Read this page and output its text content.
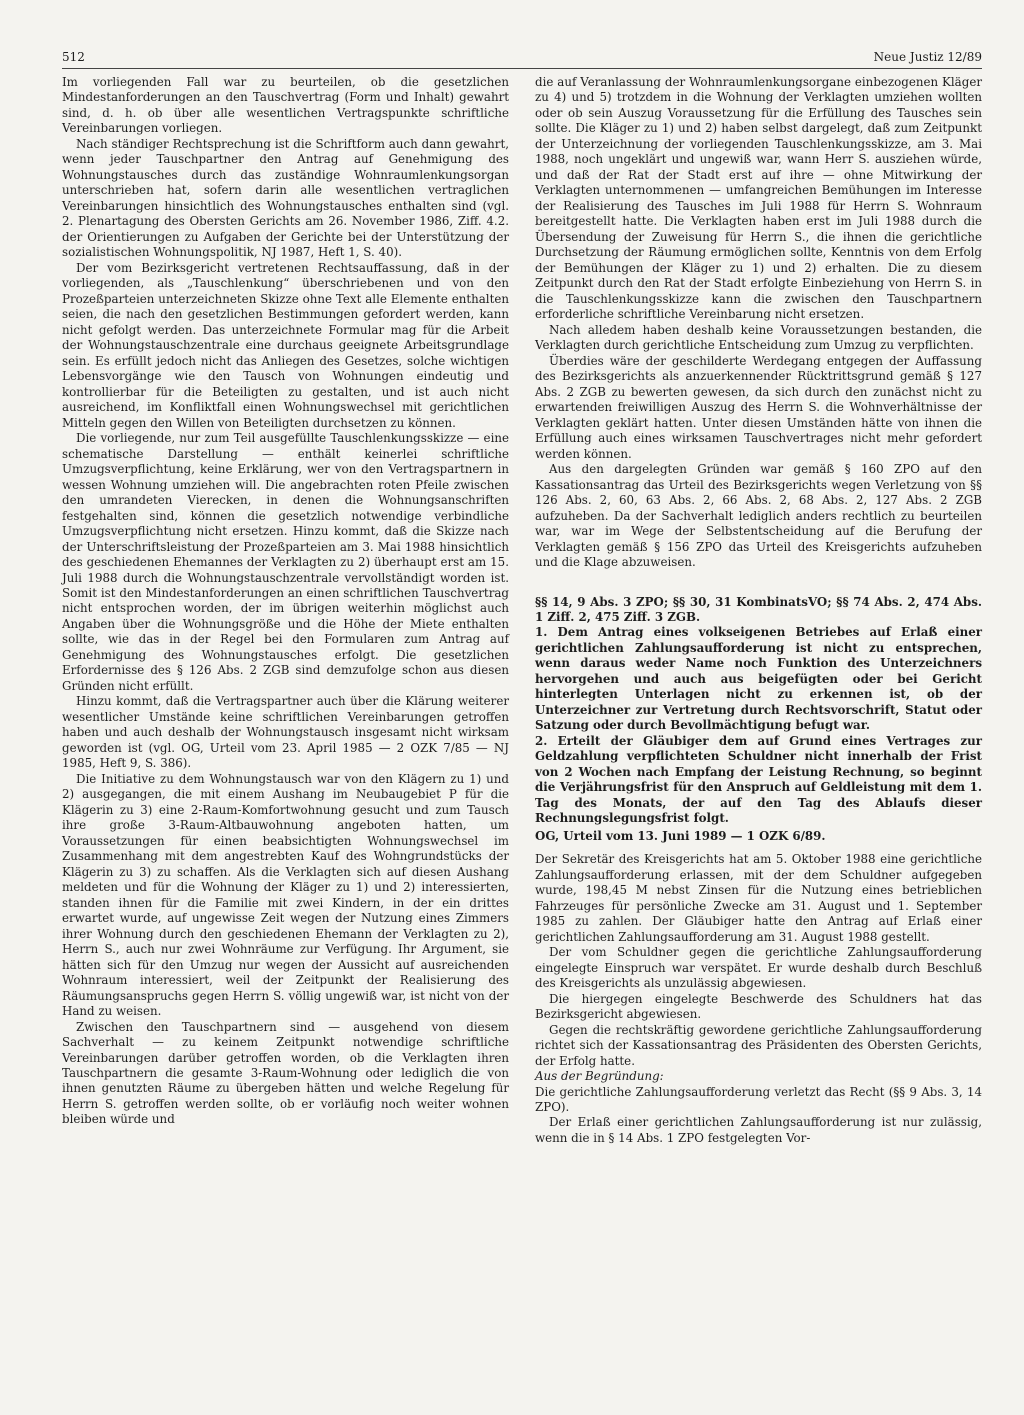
512	Neue Justiz 12/89

Im vorliegenden Fall war zu beurteilen, ob die gesetzlichen Mindestanforderungen an den Tauschvertrag (Form und Inhalt) gewahrt sind, d. h. ob über alle wesentlichen Vertragspunkte schriftliche Vereinbarungen vorliegen.

Nach ständiger Rechtsprechung ist die Schriftform auch dann gewahrt, wenn jeder Tauschpartner den Antrag auf Genehmigung des Wohnungstausches durch das zuständige Wohnraumlenkungsorgan unterschrieben hat, sofern darin alle wesentlichen vertraglichen Vereinbarungen hinsichtlich des Wohnungstausches enthalten sind (vgl. 2. Plenartagung des Obersten Gerichts am 26. November 1986, Ziff. 4.2. der Orientierungen zu Aufgaben der Gerichte bei der Unterstützung der sozialistischen Wohnungspolitik, NJ 1987, Heft 1, S. 40).

Der vom Bezirksgericht vertretenen Rechtsauffassung, daß in der vorliegenden, als „Tauschlenkung“ überschriebenen und von den Prozeßparteien unterzeichneten Skizze ohne Text alle Elemente enthalten seien, die nach den gesetzlichen Bestimmungen gefordert werden, kann nicht gefolgt werden. Das unterzeichnete Formular mag für die Arbeit der Wohnungstauschzentrale eine durchaus geeignete Arbeitsgrundlage sein. Es erfüllt jedoch nicht das Anliegen des Gesetzes, solche wichtigen Lebensvorgänge wie den Tausch von Wohnungen eindeutig und kontrollierbar für die Beteiligten zu gestalten, und ist auch nicht ausreichend, im Konfliktfall einen Wohnungswechsel mit gerichtlichen Mitteln gegen den Willen von Beteiligten durchsetzen zu können.

Die vorliegende, nur zum Teil ausgefüllte Tauschlenkungsskizze — eine schematische Darstellung — enthält keinerlei schriftliche Umzugsverpflichtung, keine Erklärung, wer von den Vertragspartnern in wessen Wohnung umziehen will. Die angebrachten roten Pfeile zwischen den umrandeten Vierecken, in denen die Wohnungsanschriften festgehalten sind, können die gesetzlich notwendige verbindliche Umzugsverpflichtung nicht ersetzen. Hinzu kommt, daß die Skizze nach der Unterschriftsleistung der Prozeßparteien am 3. Mai 1988 hinsichtlich des geschiedenen Ehemannes der Verklagten zu 2) überhaupt erst am 15. Juli 1988 durch die Wohnungstauschzentrale vervollständigt worden ist. Somit ist den Mindestanforderungen an einen schriftlichen Tauschvertrag nicht entsprochen worden, der im übrigen weiterhin möglichst auch Angaben über die Wohnungsgröße und die Höhe der Miete enthalten sollte, wie das in der Regel bei den Formularen zum Antrag auf Genehmigung des Wohnungstausches erfolgt. Die gesetzlichen Erfordernisse des § 126 Abs. 2 ZGB sind demzufolge schon aus diesen Gründen nicht erfüllt.

Hinzu kommt, daß die Vertragspartner auch über die Klärung weiterer wesentlicher Umstände keine schriftlichen Vereinbarungen getroffen haben und auch deshalb der Wohnungstausch insgesamt nicht wirksam geworden ist (vgl. OG, Urteil vom 23. April 1985 — 2 OZK 7/85 — NJ 1985, Heft 9, S. 386).

Die Initiative zu dem Wohnungstausch war von den Klägern zu 1) und 2) ausgegangen, die mit einem Aushang im Neubaugebiet P für die Klägerin zu 3) eine 2-Raum-Komfortwohnung gesucht und zum Tausch ihre große 3-Raum-Altbauwohnung angeboten hatten, um Voraussetzungen für einen beabsichtigten Wohnungswechsel im Zusammenhang mit dem angestrebten Kauf des Wohngrundstücks der Klägerin zu 3) zu schaffen. Als die Verklagten sich auf diesen Aushang meldeten und für die Wohnung der Kläger zu 1) und 2) interessierten, standen ihnen für die Familie mit zwei Kindern, in der ein drittes erwartet wurde, auf ungewisse Zeit wegen der Nutzung eines Zimmers ihrer Wohnung durch den geschiedenen Ehemann der Verklagten zu 2), Herrn S., auch nur zwei Wohnräume zur Verfügung. Ihr Argument, sie hätten sich für den Umzug nur wegen der Aussicht auf ausreichenden Wohnraum interessiert, weil der Zeitpunkt der Realisierung des Räumungsanspruchs gegen Herrn S. völlig ungewiß war, ist nicht von der Hand zu weisen.

Zwischen den Tauschpartnern sind — ausgehend von diesem Sachverhalt — zu keinem Zeitpunkt notwendige schriftliche Vereinbarungen darüber getroffen worden, ob die Verklagten ihren Tauschpartnern die gesamte 3-Raum-Wohnung oder lediglich die von ihnen genutzten Räume zu übergeben hätten und welche Regelung für Herrn S. getroffen werden sollte, ob er vorläufig noch weiter wohnen bleiben würde und

die auf Veranlassung der Wohnraumlenkungsorgane einbezogenen Kläger zu 4) und 5) trotzdem in die Wohnung der Verklagten umziehen wollten oder ob sein Auszug Voraussetzung für die Erfüllung des Tausches sein sollte. Die Kläger zu 1) und 2) haben selbst dargelegt, daß zum Zeitpunkt der Unterzeichnung der vorliegenden Tauschlenkungsskizze, am 3. Mai 1988, noch ungeklärt und ungewiß war, wann Herr S. ausziehen würde, und daß der Rat der Stadt erst auf ihre — ohne Mitwirkung der Verklagten unternommenen — umfangreichen Bemühungen im Interesse der Realisierung des Tausches im Juli 1988 für Herrn S. Wohnraum bereitgestellt hatte. Die Verklagten haben erst im Juli 1988 durch die Übersendung der Zuweisung für Herrn S., die ihnen die gerichtliche Durchsetzung der Räumung ermöglichen sollte, Kenntnis von dem Erfolg der Bemühungen der Kläger zu 1) und 2) erhalten. Die zu diesem Zeitpunkt durch den Rat der Stadt erfolgte Einbeziehung von Herrn S. in die Tauschlenkungsskizze kann die zwischen den Tauschpartnern erforderliche schriftliche Vereinbarung nicht ersetzen.

Nach alledem haben deshalb keine Voraussetzungen bestanden, die Verklagten durch gerichtliche Entscheidung zum Umzug zu verpflichten.

Überdies wäre der geschilderte Werdegang entgegen der Auffassung des Bezirksgerichts als anzuerkennender Rücktrittsgrund gemäß § 127 Abs. 2 ZGB zu bewerten gewesen, da sich durch den zunächst nicht zu erwartenden freiwilligen Auszug des Herrn S. die Wohnverhältnisse der Verklagten geklärt hatten. Unter diesen Umständen hätte von ihnen die Erfüllung auch eines wirksamen Tauschvertrages nicht mehr gefordert werden können.

Aus den dargelegten Gründen war gemäß § 160 ZPO auf den Kassationsantrag das Urteil des Bezirksgerichts wegen Verletzung von §§ 126 Abs. 2, 60, 63 Abs. 2, 66 Abs. 2, 68 Abs. 2, 127 Abs. 2 ZGB aufzuheben. Da der Sachverhalt lediglich anders rechtlich zu beurteilen war, war im Wege der Selbstentscheidung auf die Berufung der Verklagten gemäß § 156 ZPO das Urteil des Kreisgerichts aufzuheben und die Klage abzuweisen.

§§ 14, 9 Abs. 3 ZPO; §§ 30, 31 KombinatsVO; §§ 74 Abs. 2, 474 Abs. 1 Ziff. 2, 475 Ziff. 3 ZGB.

1. Dem Antrag eines volkseigenen Betriebes auf Erlaß einer gerichtlichen Zahlungsaufforderung ist nicht zu entsprechen, wenn daraus weder Name noch Funktion des Unterzeichners hervorgehen und auch aus beigefügten oder bei Gericht hinterlegten Unterlagen nicht zu erkennen ist, ob der Unterzeichner zur Vertretung durch Rechtsvorschrift, Statut oder Satzung oder durch Bevollmächtigung befugt war.

2. Erteilt der Gläubiger dem auf Grund eines Vertrages zur Geldzahlung verpflichteten Schuldner nicht innerhalb der Frist von 2 Wochen nach Empfang der Leistung Rechnung, so beginnt die Verjährungsfrist für den Anspruch auf Geldleistung mit dem 1. Tag des Monats, der auf den Tag des Ablaufs dieser Rechnungslegungsfrist folgt.

OG, Urteil vom 13. Juni 1989 — 1 OZK 6/89.

Der Sekretär des Kreisgerichts hat am 5. Oktober 1988 eine gerichtliche Zahlungsaufforderung erlassen, mit der dem Schuldner aufgegeben wurde, 198,45 M nebst Zinsen für die Nutzung eines betrieblichen Fahrzeuges für persönliche Zwecke am 31. August und 1. September 1985 zu zahlen. Der Gläubiger hatte den Antrag auf Erlaß einer gerichtlichen Zahlungsaufforderung am 31. August 1988 gestellt.

Der vom Schuldner gegen die gerichtliche Zahlungsaufforderung eingelegte Einspruch war verspätet. Er wurde deshalb durch Beschluß des Kreisgerichts als unzulässig abgewiesen.

Die hiergegen eingelegte Beschwerde des Schuldners hat das Bezirksgericht abgewiesen.

Gegen die rechtskräftig gewordene gerichtliche Zahlungsaufforderung richtet sich der Kassationsantrag des Präsidenten des Obersten Gerichts, der Erfolg hatte.

Aus der Begründung:

Die gerichtliche Zahlungsaufforderung verletzt das Recht (§§ 9 Abs. 3, 14 ZPO).

Der Erlaß einer gerichtlichen Zahlungsaufforderung ist nur zulässig, wenn die in § 14 Abs. 1 ZPO festgelegten Vor-
